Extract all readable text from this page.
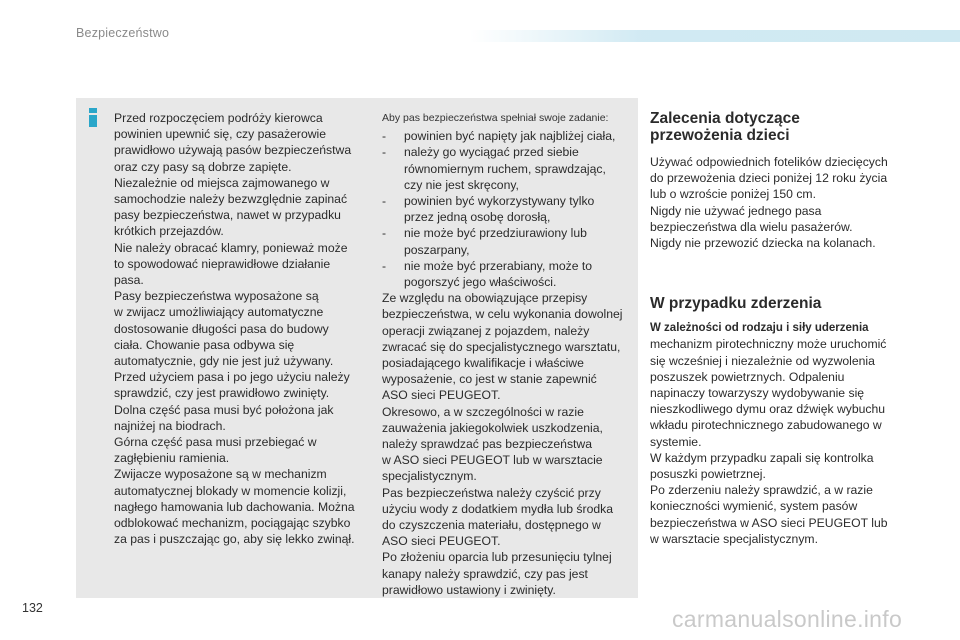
Bezpieczeństwo

Przed rozpoczęciem podróży kierowca
powinien upewnić się, czy pasażerowie
prawidłowo używają pasów bezpieczeństwa
oraz czy pasy są dobrze zapięte.
Niezależnie od miejsca zajmowanego w
samochodzie należy bezwzględnie zapinać
pasy bezpieczeństwa, nawet w przypadku
krótkich przejazdów.
Nie należy obracać klamry, ponieważ może
to spowodować nieprawidłowe działanie
pasa.
Pasy bezpieczeństwa wyposażone są
w zwijacz umożliwiający automatyczne
dostosowanie długości pasa do budowy
ciała. Chowanie pasa odbywa się
automatycznie, gdy nie jest już używany.
Przed użyciem pasa i po jego użyciu należy
sprawdzić, czy jest prawidłowo zwinięty.
Dolna część pasa musi być położona jak
najniżej na biodrach.
Górna część pasa musi przebiegać w
zagłębieniu ramienia.
Zwijacze wyposażone są w mechanizm
automatycznej blokady w momencie kolizji,
nagłego hamowania lub dachowania. Można
odblokować mechanizm, pociągając szybko
za pas i puszczając go, aby się lekko zwinął.

Aby pas bezpieczeństwa spełniał swoje zadanie:

- powinien być napięty jak najbliżej ciała,
- należy go wyciągać przed siebie
równomiernym ruchem, sprawdzając,
czy nie jest skręcony,
- powinien być wykorzystywany tylko
przez jedną osobę dorosłą,
- nie może być przedziurawiony lub
poszarpany,
- nie może być przerabiany, może to
pogorszyć jego właściwości.

Ze względu na obowiązujące przepisy
bezpieczeństwa, w celu wykonania dowolnej
operacji związanej z pojazdem, należy
zwracać się do specjalistycznego warsztatu,
posiadającego kwalifikacje i właściwe
wyposażenie, co jest w stanie zapewnić
ASO sieci PEUGEOT.
Okresowo, a w szczególności w razie
zauważenia jakiegokolwiek uszkodzenia,
należy sprawdzać pas bezpieczeństwa
w ASO sieci PEUGEOT lub w warsztacie
specjalistycznym.
Pas bezpieczeństwa należy czyścić przy
użyciu wody z dodatkiem mydła lub środka
do czyszczenia materiału, dostępnego w
ASO sieci PEUGEOT.
Po złożeniu oparcia lub przesunięciu tylnej
kanapy należy sprawdzić, czy pas jest
prawidłowo ustawiony i zwinięty.

Zalecenia dotyczące
przewożenia dzieci

Używać odpowiednich fotelików dziecięcych
do przewożenia dzieci poniżej 12 roku życia
lub o wzroście poniżej 150 cm.
Nigdy nie używać jednego pasa
bezpieczeństwa dla wielu pasażerów.
Nigdy nie przewozić dziecka na kolanach.

W przypadku zderzenia

W zależności od rodzaju i siły uderzenia

mechanizm pirotechniczny może uruchomić
się wcześniej i niezależnie od wyzwolenia
poszuszek powietrznych. Odpaleniu
napinaczy towarzyszy wydobywanie się
nieszkodliwego dymu oraz dźwięk wybuchu
wkładu pirotechnicznego zabudowanego w
systemie.
W każdym przypadku zapali się kontrolka
posuszki powietrznej.
Po zderzeniu należy sprawdzić, a w razie
konieczności wymienić, system pasów
bezpieczeństwa w ASO sieci PEUGEOT lub
w warsztacie specjalistycznym.

132	carmanualsonline.info
